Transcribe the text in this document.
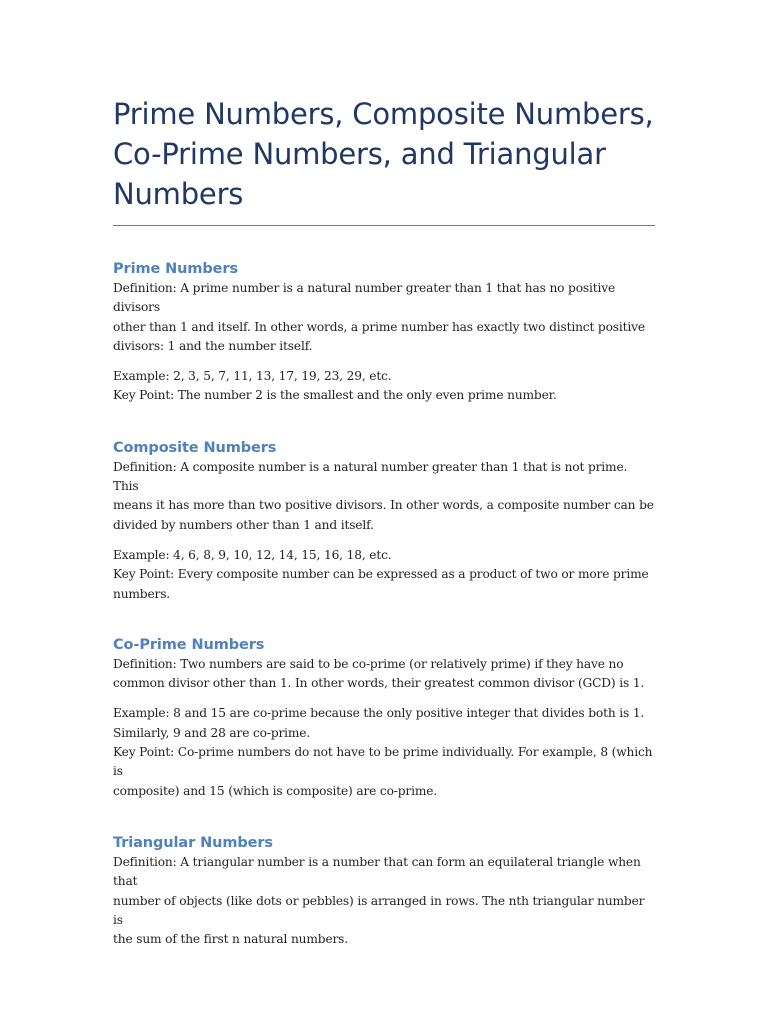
Prime Numbers, Composite Numbers,
Co-Prime Numbers, and Triangular
Numbers
Prime Numbers

Definition: A prime number is a natural number greater than 1 that has no positive divisors
other than 1 and itself. In other words, a prime number has exactly two distinct positive
divisors: 1 and the number itself.

Example: 2, 3, 5, 7, 11, 13, 17, 19, 23, 29, etc.
Key Point: The number 2 is the smallest and the only even prime number.

Composite Numbers

Definition: A composite number is a natural number greater than 1 that is not prime. This
means it has more than two positive divisors. In other words, a composite number can be
divided by numbers other than 1 and itself.

Example: 4, 6, 8, 9, 10, 12, 14, 15, 16, 18, etc.
Key Point: Every composite number can be expressed as a product of two or more prime
numbers.

Co-Prime Numbers

Definition: Two numbers are said to be co-prime (or relatively prime) if they have no
common divisor other than 1. In other words, their greatest common divisor (GCD) is 1.

Example: 8 and 15 are co-prime because the only positive integer that divides both is 1.
Similarly, 9 and 28 are co-prime.
Key Point: Co-prime numbers do not have to be prime individually. For example, 8 (which is
composite) and 15 (which is composite) are co-prime.

Triangular Numbers

Definition: A triangular number is a number that can form an equilateral triangle when that
number of objects (like dots or pebbles) is arranged in rows. The nth triangular number is
the sum of the first n natural numbers.
